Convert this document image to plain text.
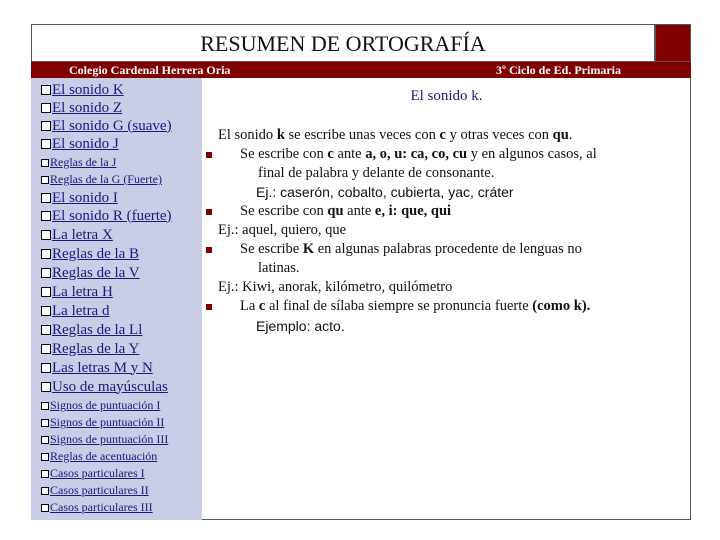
RESUMEN DE ORTOGRAFÍA
Colegio Cardenal Herrera Oria	3º Ciclo de Ed. Primaria
El sonido K
El sonido Z
El sonido G (suave)
El sonido J
Reglas de la J
Reglas de la G (Fuerte)
El sonido I
El sonido R (fuerte)
La letra X
Reglas de la B
Reglas de la V
La letra H
La letra d
Reglas de la Ll
Reglas de la Y
Las letras M y N
Uso de mayúsculas
Signos de puntuación I
Signos de puntuación II
Signos de puntuación III
Reglas de acentuación
Casos particulares I
Casos particulares II
Casos particulares III
El sonido k.
El sonido k se escribe unas veces con c y otras veces con qu.
Se escribe con c ante a, o, u: ca, co, cu y en algunos casos, al
final de palabra y delante de consonante.
Ej.: caserón, cobalto, cubierta, yac, cráter
Se escribe con qu ante e, i: que, qui
Ej.: aquel, quiero, que
Se escribe K en algunas palabras procedente de lenguas no
latinas.
Ej.: Kiwi, anorak, kilómetro, quilómetro
La c al final de sílaba siempre se pronuncia fuerte (como k).
Ejemplo: acto.
